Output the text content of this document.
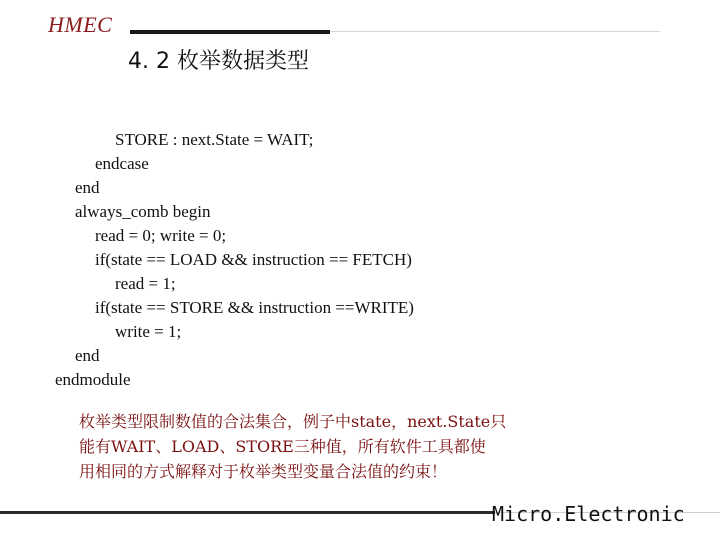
HMEC
4. 2 枚举数据类型
STORE : next.State = WAIT;
endcase
end
always_comb begin
read = 0; write = 0;
if(state == LOAD && instruction == FETCH)
read = 1;
if(state == STORE && instruction ==WRITE)
write = 1;
end
endmodule
枚举类型限制数值的合法集合，例子中state，next.State只
能有WAIT、LOAD、STORE三种值，所有软件工具都使
用相同的方式解释对于枚举类型变量合法值的约束！
Micro.Electronic
